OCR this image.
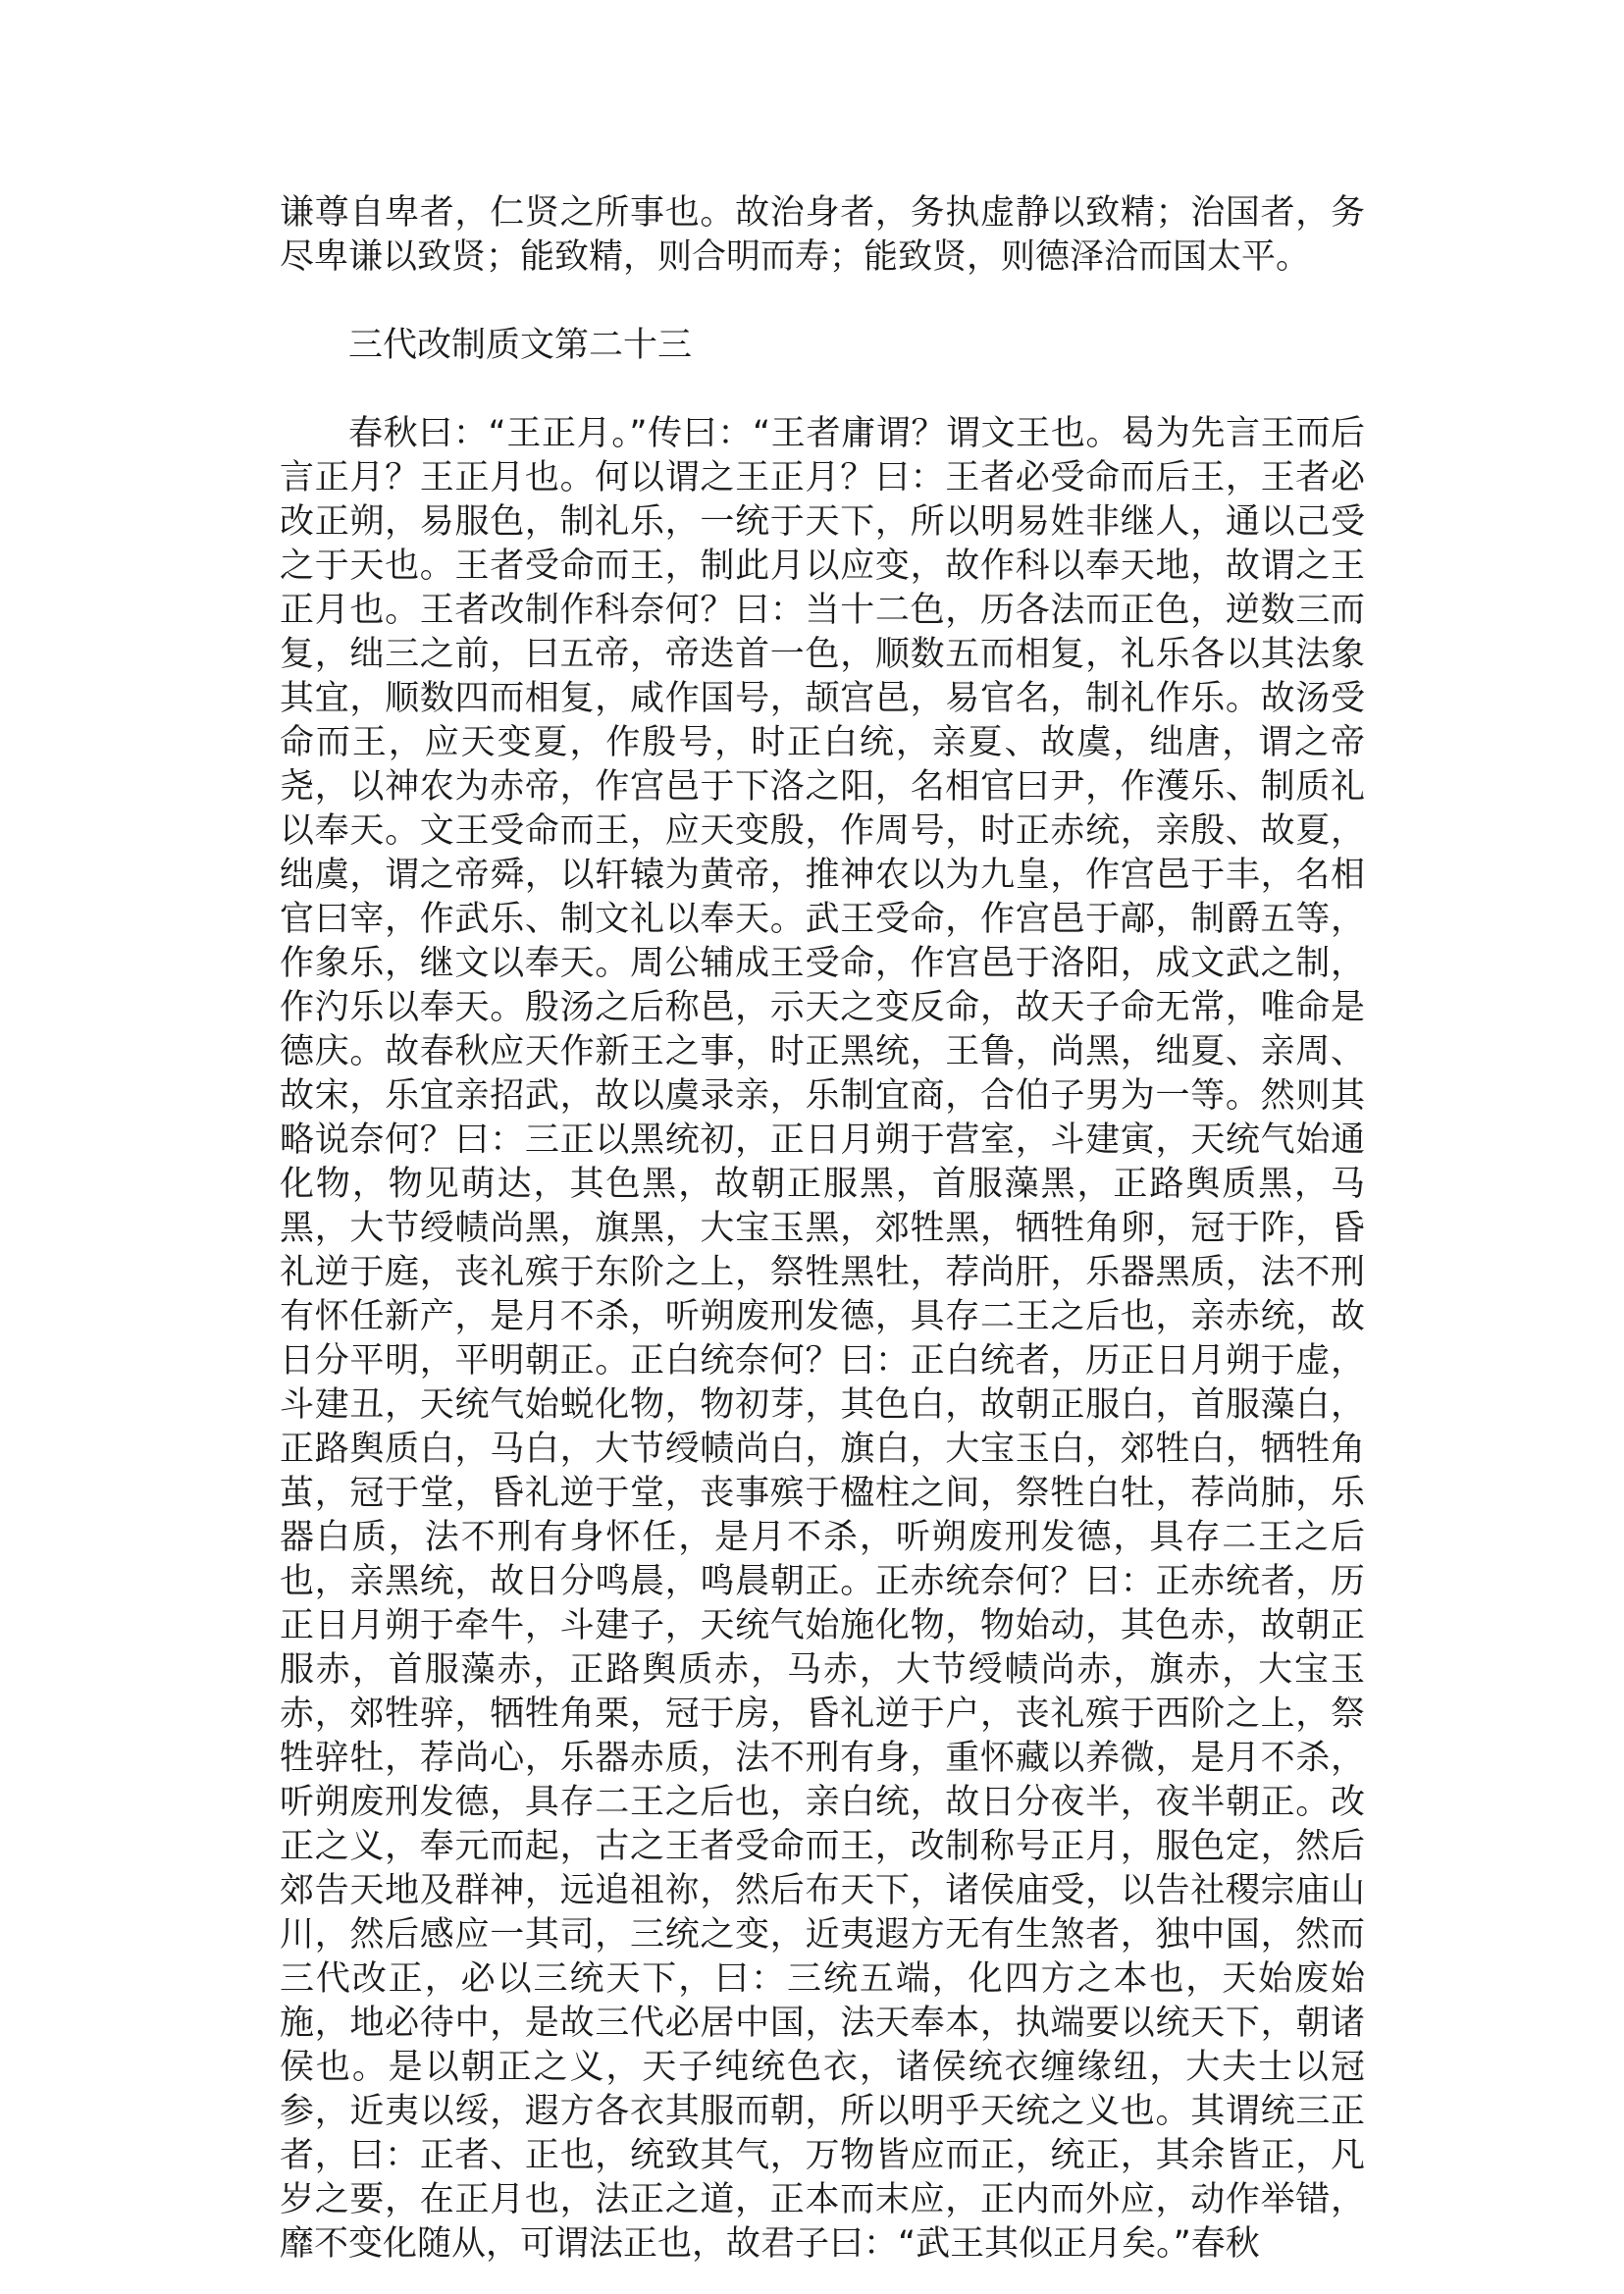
谦尊自卑者，仁贤之所事也。故治身者，务执虚静以致精；治国者，务尽卑谦以致贤；能致精，则合明而寿；能致贤，则德泽洽而国太平。

三代改制质文第二十三

春秋曰：“王正月。”传曰：“王者庸谓？谓文王也。曷为先言王而后言正月？王正月也。何以谓之王正月？曰：王者必受命而后王，王者必改正朔，易服色，制礼乐，一统于天下，所以明易姓非继人，通以己受之于天也。王者受命而王，制此月以应变，故作科以奉天地，故谓之王正月也。王者改制作科奈何？曰：当十二色，历各法而正色，逆数三而复，绌三之前，曰五帝，帝迭首一色，顺数五而相复，礼乐各以其法象其宜，顺数四而相复，咸作国号，颉宫邑，易官名，制礼作乐。故汤受命而王，应天变夏，作殷号，时正白统，亲夏、故虞，绌唐，谓之帝尧，以神农为赤帝，作宫邑于下洛之阳，名相官曰尹，作濩乐、制质礼以奉天。文王受命而王，应天变殷，作周号，时正赤统，亲殷、故夏，绌虞，谓之帝舜，以轩辕为黄帝，推神农以为九皇，作宫邑于丰，名相官曰宰，作武乐、制文礼以奉天。武王受命，作宫邑于鄗，制爵五等，作象乐，继文以奉天。周公辅成王受命，作宫邑于洛阳，成文武之制，作汋乐以奉天。殷汤之后称邑，示天之变反命，故天子命无常，唯命是德庆。故春秋应天作新王之事，时正黑统，王鲁，尚黑，绌夏、亲周、故宋，乐宜亲招武，故以虞录亲，乐制宜商，合伯子男为一等。然则其略说奈何？曰：三正以黑统初，正日月朔于营室，斗建寅，天统气始通化物，物见萌达，其色黑，故朝正服黑，首服藻黑，正路舆质黑，马黑，大节绶帻尚黑，旗黑，大宝玉黑，郊牲黑，牺牲角卵，冠于阼，昏礼逆于庭，丧礼殡于东阶之上，祭牲黑牡，荐尚肝，乐器黑质，法不刑有怀任新产，是月不杀，听朔废刑发德，具存二王之后也，亲赤统，故日分平明，平明朝正。正白统奈何？曰：正白统者，历正日月朔于虚，斗建丑，天统气始蜕化物，物初芽，其色白，故朝正服白，首服藻白，正路舆质白，马白，大节绶帻尚白，旗白，大宝玉白，郊牲白，牺牲角茧，冠于堂，昏礼逆于堂，丧事殡于楹柱之间，祭牲白牡，荐尚肺，乐器白质，法不刑有身怀任，是月不杀，听朔废刑发德，具存二王之后也，亲黑统，故日分鸣晨，鸣晨朝正。正赤统奈何？曰：正赤统者，历正日月朔于牵牛，斗建子，天统气始施化物，物始动，其色赤，故朝正服赤，首服藻赤，正路舆质赤，马赤，大节绶帻尚赤，旗赤，大宝玉赤，郊牲骍，牺牲角栗，冠于房，昏礼逆于户，丧礼殡于西阶之上，祭牲骍牡，荐尚心，乐器赤质，法不刑有身，重怀藏以养微，是月不杀，听朔废刑发德，具存二王之后也，亲白统，故日分夜半，夜半朝正。改正之义，奉元而起，古之王者受命而王，改制称号正月，服色定，然后郊告天地及群神，远追祖祢，然后布天下，诸侯庙受，以告社稷宗庙山川，然后感应一其司，三统之变，近夷遐方无有生煞者，独中国，然而三代改正，必以三统天下，曰：三统五端，化四方之本也，天始废始施，地必待中，是故三代必居中国，法天奉本，执端要以统天下，朝诸侯也。是以朝正之义，天子纯统色衣，诸侯统衣缠缘纽，大夫士以冠参，近夷以绥，遐方各衣其服而朝，所以明乎天统之义也。其谓统三正者，曰：正者、正也，统致其气，万物皆应而正，统正，其余皆正，凡岁之要，在正月也，法正之道，正本而末应，正内而外应，动作举错，靡不变化随从，可谓法正也，故君子曰：“武王其似正月矣。”春秋
